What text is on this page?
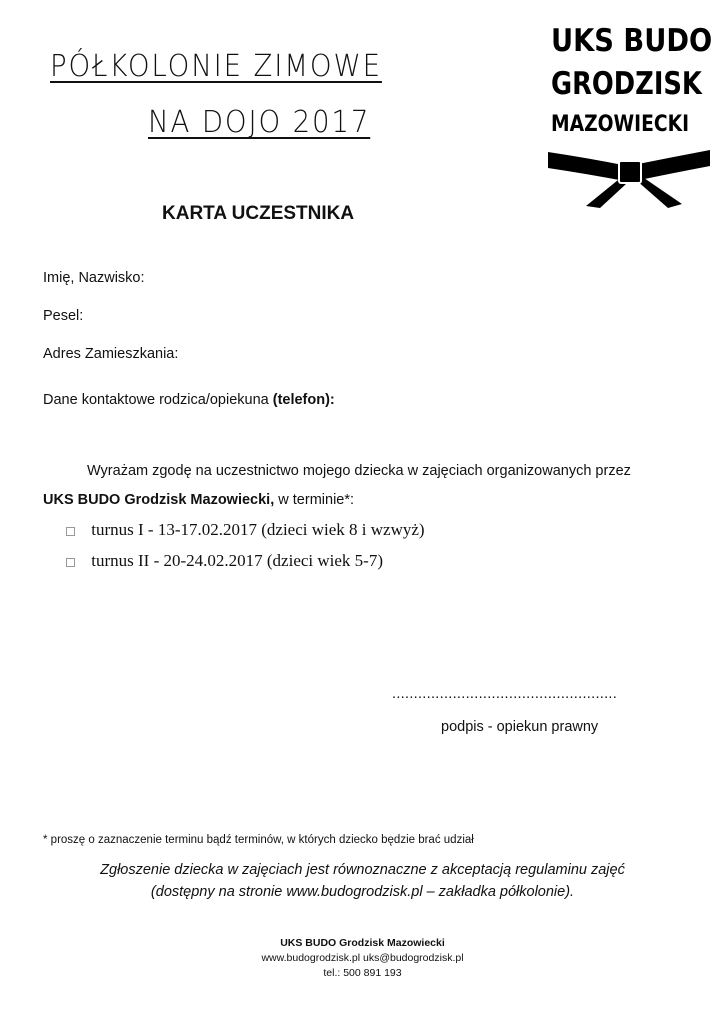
PÓŁKOLONIE ZIMOWE
NA DOJO 2017
UKS BUDO
GRODZISK
MAZOWIECKI
KARTA UCZESTNIKA
Imię, Nazwisko:
Pesel:
Adres Zamieszkania:
Dane kontaktowe rodzica/opiekuna (telefon):
Wyrażam zgodę na uczestnictwo mojego dziecka w zajęciach organizowanych przez
UKS BUDO Grodzisk Mazowiecki, w terminie*:
turnus I - 13-17.02.2017 (dzieci wiek 8 i wzwyż)
turnus II - 20-24.02.2017 (dzieci wiek 5-7)
....................................................
podpis - opiekun prawny
* proszę o zaznaczenie terminu bądź terminów, w których dziecko będzie brać udział
Zgłoszenie dziecka w zajęciach jest równoznaczne z akceptacją regulaminu zajęć
(dostępny na stronie www.budogrodzisk.pl – zakładka półkolonie).
UKS BUDO Grodzisk Mazowiecki
www.budogrodzisk.pl uks@budogrodzisk.pl
tel.: 500 891 193
